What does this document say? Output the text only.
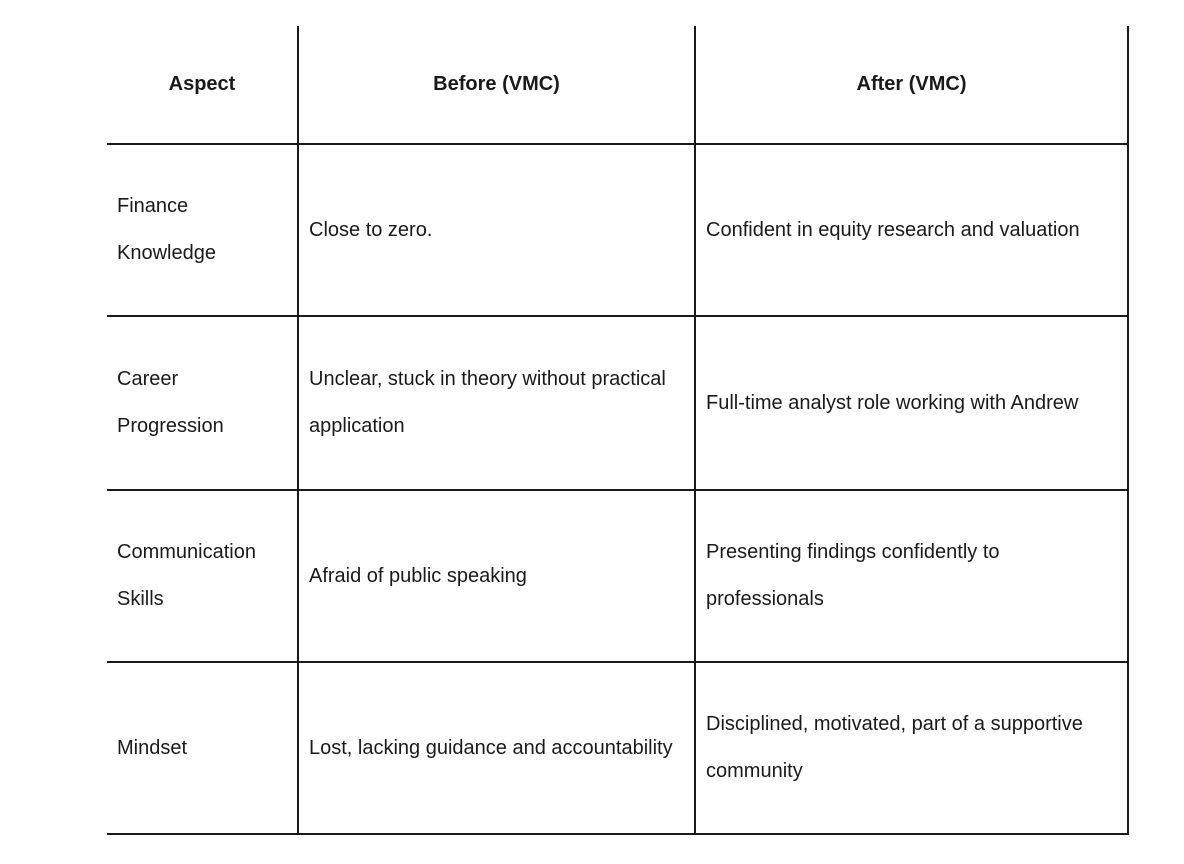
Aspect	Before (VMC)	After (VMC)
Finance Knowledge	Close to zero.	Confident in equity research and valuation
Career Progression	Unclear, stuck in theory without practical application	Full-time analyst role working with Andrew
Communication Skills	Afraid of public speaking	Presenting findings confidently to professionals
Mindset	Lost, lacking guidance and accountability	Disciplined, motivated, part of a supportive community
